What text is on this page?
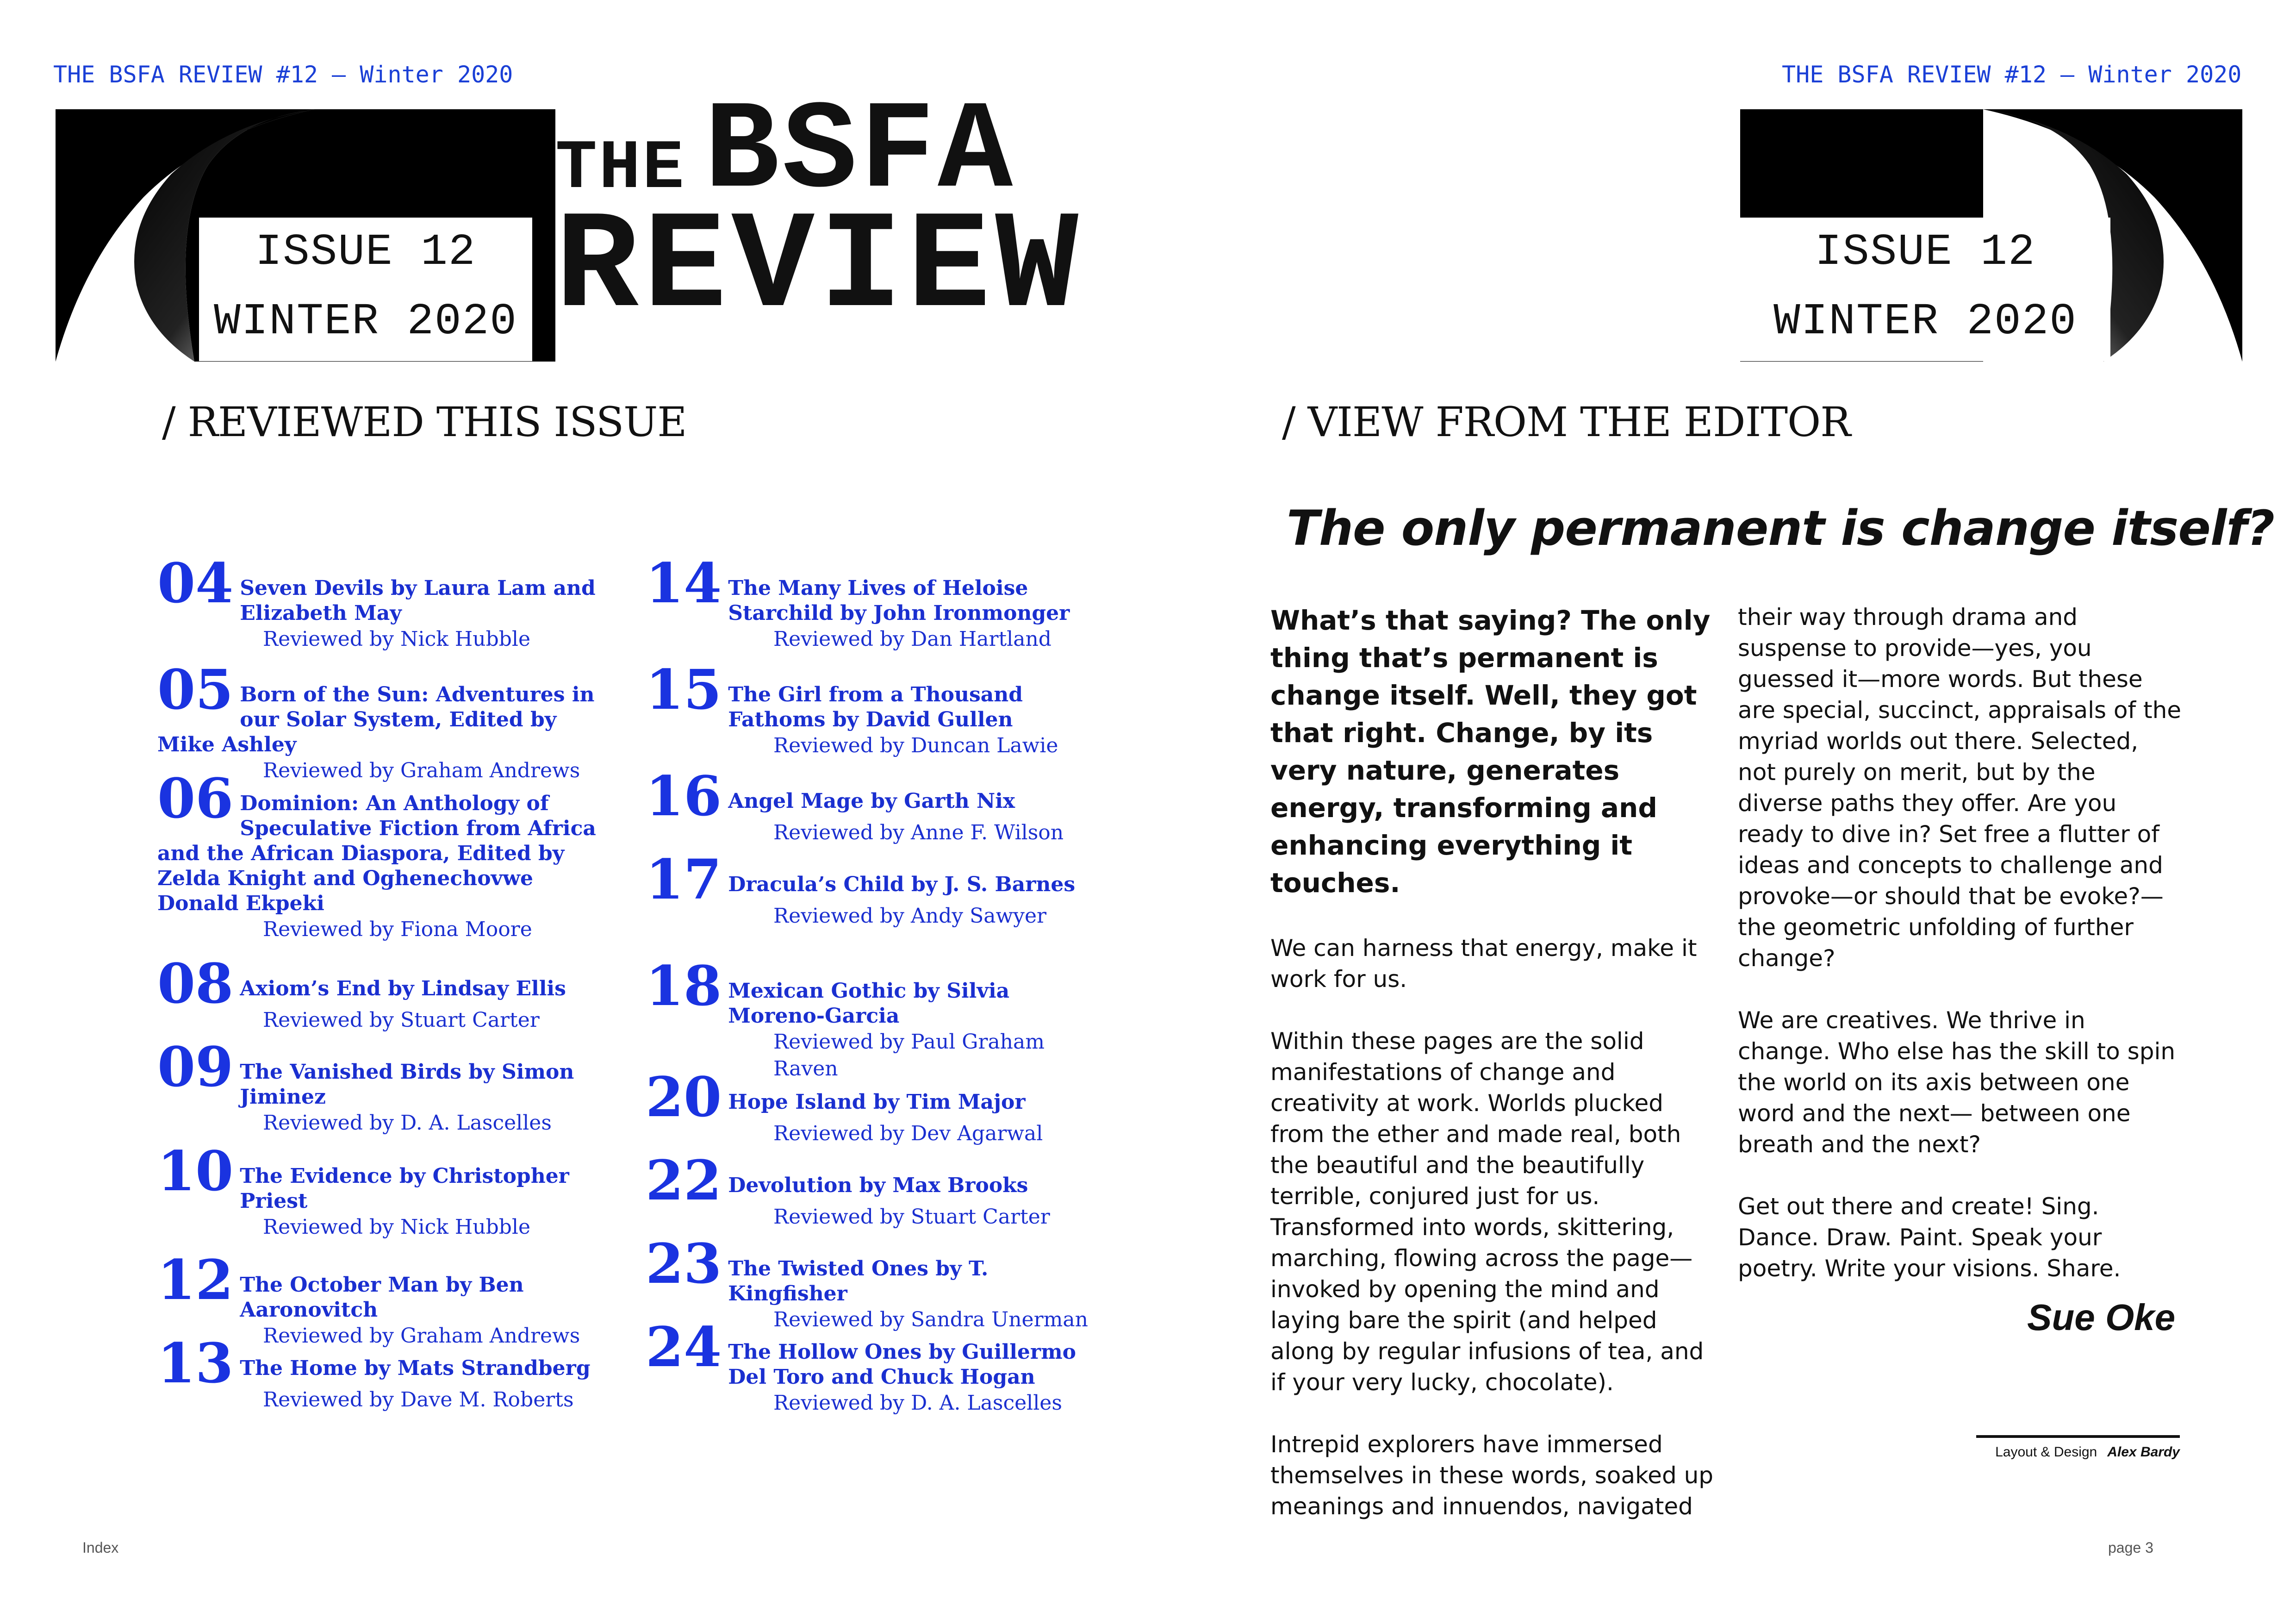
THE BSFA REVIEW #12 — Winter 2020	THE BSFA REVIEW #12 — Winter 2020
ISSUE 12
WINTER 2020
ISSUE 12
WINTER 2020
THE BSFA
REVIEW
/ REVIEWED THIS ISSUE	/ VIEW FROM THE EDITOR
04 Seven Devils by Laura Lam and Elizabeth May
Reviewed by Nick Hubble
05 Born of the Sun: Adventures in our Solar System, Edited by Mike Ashley
Reviewed by Graham Andrews
06 Dominion: An Anthology of Speculative Fiction from Africa and the African Diaspora, Edited by Zelda Knight and Oghenechovwe Donald Ekpeki
Reviewed by Fiona Moore
08 Axiom’s End by Lindsay Ellis
Reviewed by Stuart Carter
09 The Vanished Birds by Simon Jiminez
Reviewed by D. A. Lascelles
10 The Evidence by Christopher Priest
Reviewed by Nick Hubble
12 The October Man by Ben Aaronovitch
Reviewed by Graham Andrews
13 The Home by Mats Strandberg
Reviewed by Dave M. Roberts
14 The Many Lives of Heloise Starchild by John Ironmonger
Reviewed by Dan Hartland
15 The Girl from a Thousand Fathoms by David Gullen
Reviewed by Duncan Lawie
16 Angel Mage by Garth Nix
Reviewed by Anne F. Wilson
17 Dracula’s Child by J. S. Barnes
Reviewed by Andy Sawyer
18 Mexican Gothic by Silvia Moreno-Garcia
Reviewed by Paul Graham Raven
20 Hope Island by Tim Major
Reviewed by Dev Agarwal
22 Devolution by Max Brooks
Reviewed by Stuart Carter
23 The Twisted Ones by T. Kingfisher
Reviewed by Sandra Unerman
24 The Hollow Ones by Guillermo Del Toro and Chuck Hogan
Reviewed by D. A. Lascelles
The only permanent is change itself?

What’s that saying? The only thing that’s permanent is change itself. Well, they got that right. Change, by its very nature, generates energy, transforming and enhancing everything it touches.

We can harness that energy, make it work for us.

Within these pages are the solid manifestations of change and creativity at work. Worlds plucked from the ether and made real, both the beautiful and the beautifully terrible, conjured just for us. Transformed into words, skittering, marching, flowing across the page—invoked by opening the mind and laying bare the spirit (and helped along by regular infusions of tea, and if your very lucky, chocolate).

Intrepid explorers have immersed themselves in these words, soaked up meanings and innuendos, navigated

their way through drama and suspense to provide—yes, you guessed it—more words. But these are special, succinct, appraisals of the myriad worlds out there. Selected, not purely on merit, but by the diverse paths they offer. Are you ready to dive in? Set free a flutter of ideas and concepts to challenge and provoke—or should that be evoke?—the geometric unfolding of further change?

We are creatives. We thrive in change. Who else has the skill to spin the world on its axis between one word and the next— between one breath and the next?

Get out there and create! Sing. Dance. Draw. Paint. Speak your poetry. Write your visions. Share.

Sue Oke
Layout & Design Alex Bardy
Index	page 3
